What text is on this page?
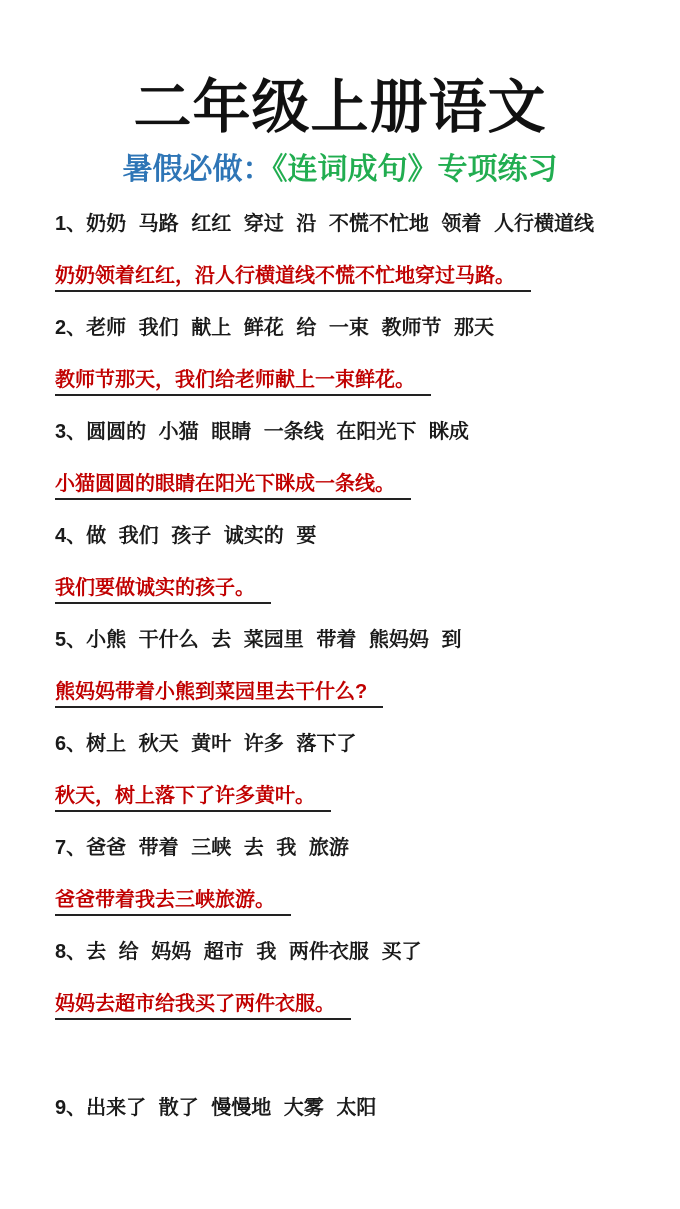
二年级上册语文
暑假必做：《连词成句》专项练习
1、奶奶 马路 红红 穿过 沿 不慌不忙地 领着 人行横道线
奶奶领着红红，沿人行横道线不慌不忙地穿过马路。
2、老师 我们 献上 鲜花 给 一束 教师节 那天
教师节那天，我们给老师献上一束鲜花。
3、圆圆的 小猫 眼睛 一条线 在阳光下 眯成
小猫圆圆的眼睛在阳光下眯成一条线。
4、做 我们 孩子 诚实的 要
我们要做诚实的孩子。
5、小熊 干什么 去 菜园里 带着 熊妈妈 到
熊妈妈带着小熊到菜园里去干什么?
6、树上 秋天 黄叶 许多 落下了
秋天，树上落下了许多黄叶。
7、爸爸 带着 三峡 去 我 旅游
爸爸带着我去三峡旅游。
8、去 给 妈妈 超市 我 两件衣服 买了
妈妈去超市给我买了两件衣服。
9、出来了 散了 慢慢地 大雾 太阳
